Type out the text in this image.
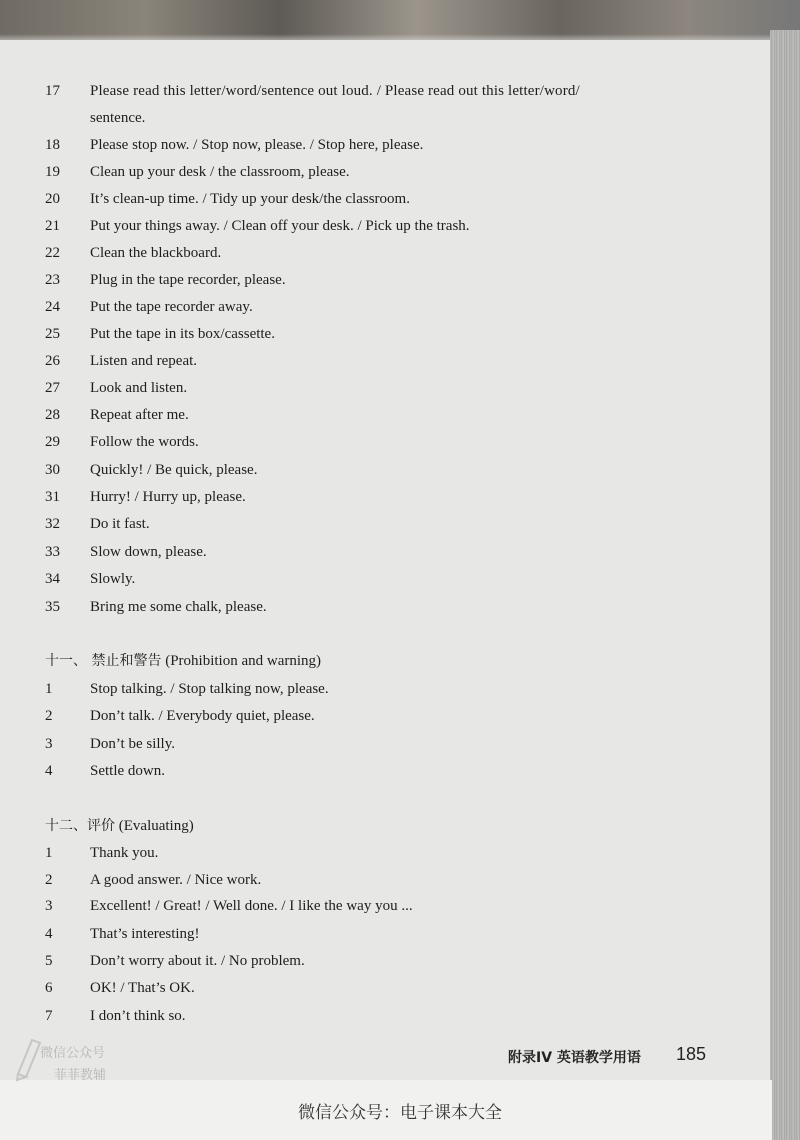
17	Please read this letter/word/sentence out loud. / Please read out this letter/word/
sentence.
18	Please stop now. / Stop now, please. / Stop here, please.
19	Clean up your desk / the classroom, please.
20	It’s clean-up time. / Tidy up your desk/the classroom.
21	Put your things away. / Clean off your desk. / Pick up the trash.
22	Clean the blackboard.
23	Plug in the tape recorder, please.
24	Put the tape recorder away.
25	Put the tape in its box/cassette.
26	Listen and repeat.
27	Look and listen.
28	Repeat after me.
29	Follow the words.
30	Quickly! / Be quick, please.
31	Hurry! / Hurry up, please.
32	Do it fast.
33	Slow down, please.
34	Slowly.
35	Bring me some chalk, please.
十一、 禁止和警告 (Prohibition and warning)
1	Stop talking. / Stop talking now, please.
2	Don’t talk. / Everybody quiet, please.
3	Don’t be silly.
4	Settle down.
十二、评价 (Evaluating)
1	Thank you.
2	A good answer. / Nice work.
3	Excellent! / Great! / Well done. / I like the way you ...
4	That’s interesting!
5	Don’t worry about it. / No problem.
6	OK! / That’s OK.
7	I don’t think so.
微信公众号
菲菲教辅
附录IV 英语教学用语 185
微信公众号：电子课本大全
